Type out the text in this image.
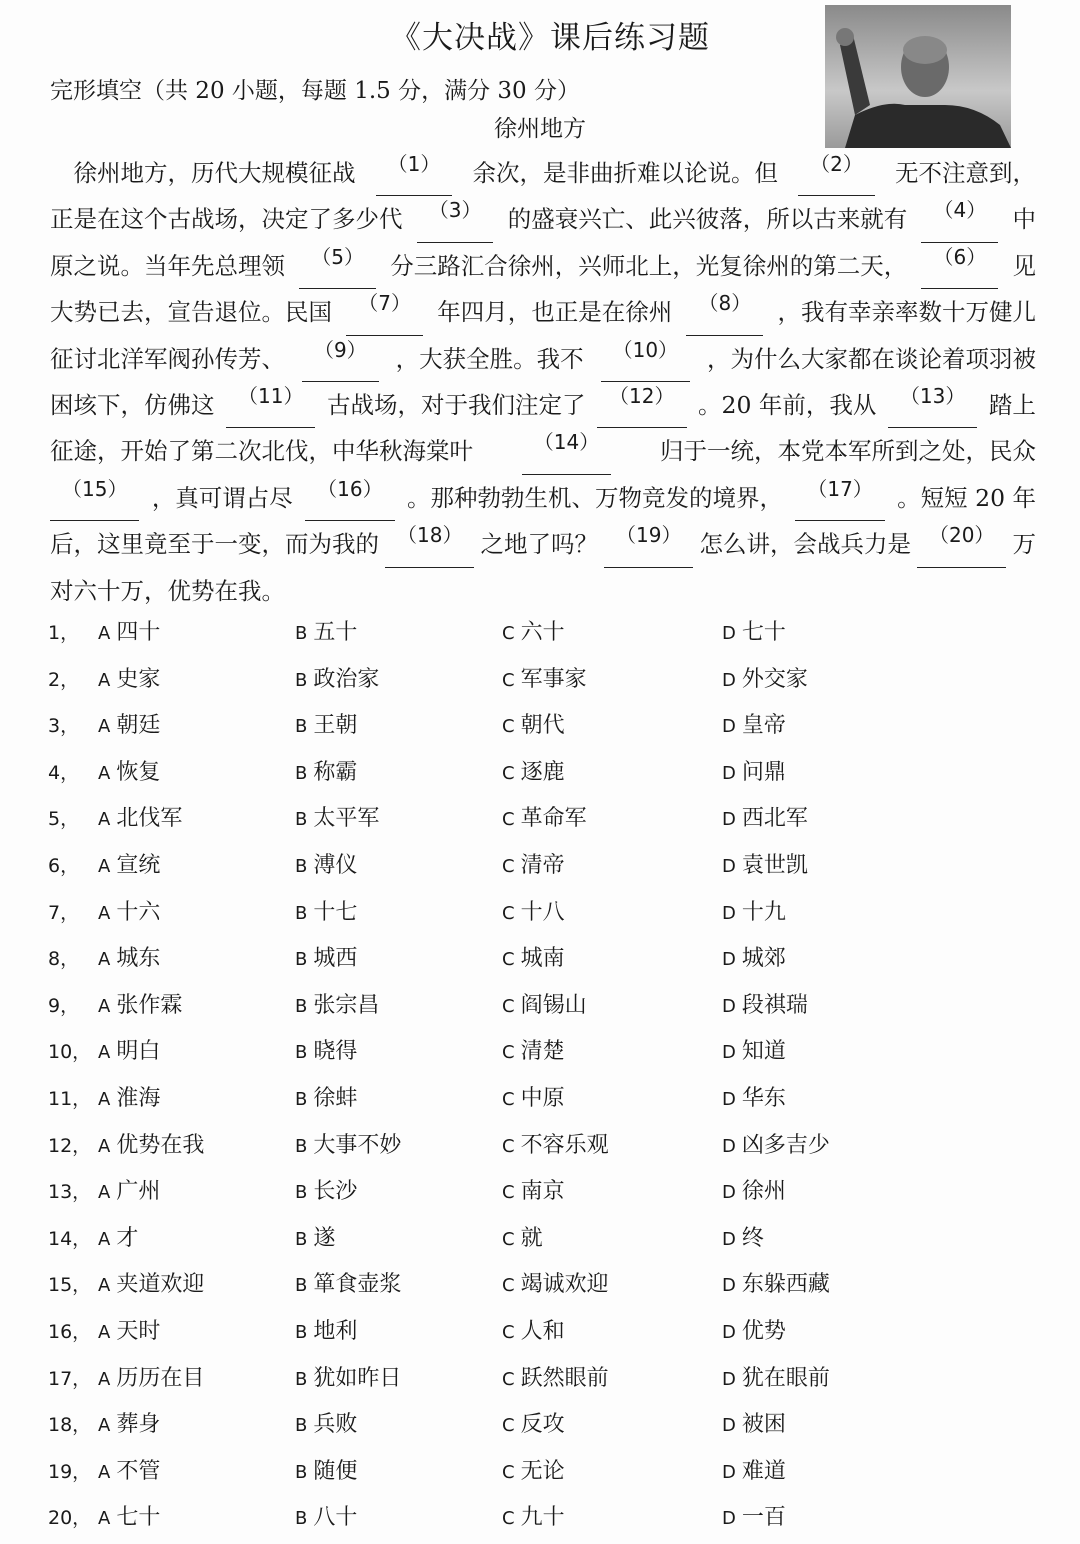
《大决战》课后练习题
完形填空（共 20 小题，每题 1.5 分，满分 30 分）
徐州地方
　徐州地方，历代大规模征战	（1）	余次，是非曲折难以论说。但	（2）	无不注意到，
正是在这个古战场，决定了多少代	（3）	的盛衰兴亡、此兴彼落，所以古来就有	（4）	中
原之说。当年先总理领	（5）	分三路汇合徐州，兴师北上，光复徐州的第二天，	（6）	见
大势已去，宣告退位。民国	（7）	年四月，也正是在徐州	（8）	，我有幸亲率数十万健儿
征讨北洋军阀孙传芳、	（9）	，大获全胜。我不	（10）	，为什么大家都在谈论着项羽被
困垓下，仿佛这	（11）	古战场，对于我们注定了	（12）	。20 年前，我从	（13）	踏上
征途，开始了第二次北伐，中华秋海棠叶	（14）	归于一统，本党本军所到之处，民众
（15）	，真可谓占尽	（16）	。那种勃勃生机、万物竞发的境界，	（17）	。短短 20 年
后，这里竟至于一变，而为我的 （18） 之地了吗？ （19） 怎么讲，会战兵力是 （20） 万
对六十万，优势在我。
1， A 四十	B 五十	C 六十	D 七十
2， A 史家	B 政治家	C 军事家	D 外交家
3， A 朝廷	B 王朝	C 朝代	D 皇帝
4， A 恢复	B 称霸	C 逐鹿	D 问鼎
5， A 北伐军	B 太平军	C 革命军	D 西北军
6， A 宣统	B 溥仪	C 清帝	D 袁世凯
7， A 十六	B 十七	C 十八	D 十九
8， A 城东	B 城西	C 城南	D 城郊
9， A 张作霖	B 张宗昌	C 阎锡山	D 段祺瑞
10， A 明白	B 晓得	C 清楚	D 知道
11， A 淮海	B 徐蚌	C 中原	D 华东
12， A 优势在我	B 大事不妙	C 不容乐观	D 凶多吉少
13， A 广州	B 长沙	C 南京	D 徐州
14， A 才	B 遂	C 就	D 终
15， A 夹道欢迎	B 箪食壶浆	C 竭诚欢迎	D 东躲西藏
16， A 天时	B 地利	C 人和	D 优势
17， A 历历在目	B 犹如昨日	C 跃然眼前	D 犹在眼前
18， A 葬身	B 兵败	C 反攻	D 被困
19， A 不管	B 随便	C 无论	D 难道
20， A 七十	B 八十	C 九十	D 一百
